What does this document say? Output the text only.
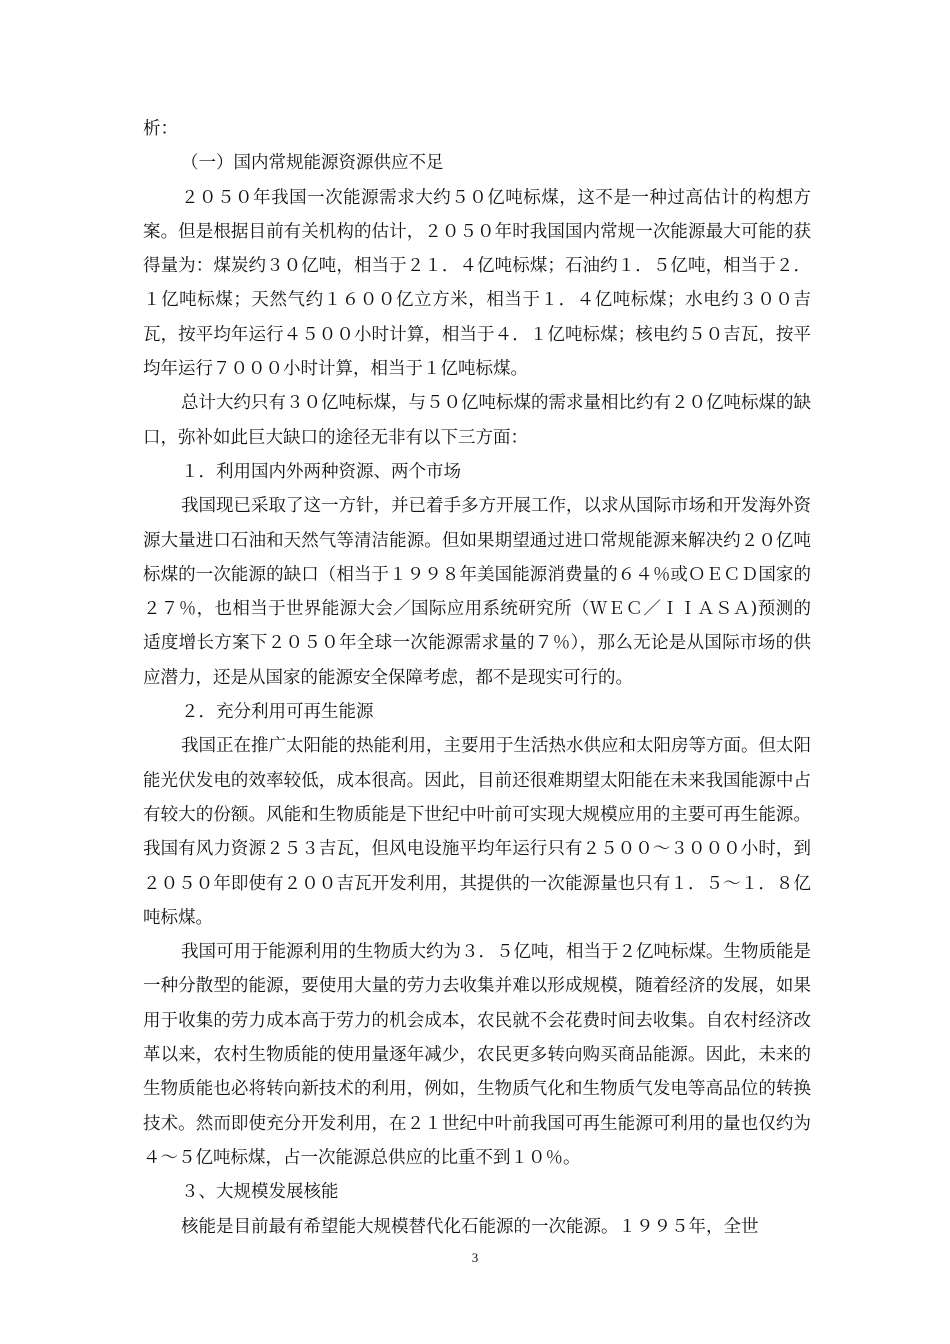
析：

（一）国内常规能源资源供应不足

２０５０年我国一次能源需求大约５０亿吨标煤，这不是一种过高估计的构想方案。但是根据目前有关机构的估计，２０５０年时我国国内常规一次能源最大可能的获得量为：煤炭约３０亿吨，相当于２１．４亿吨标煤；石油约１．５亿吨，相当于２．１亿吨标煤；天然气约１６００亿立方米，相当于１．４亿吨标煤；水电约３００吉瓦，按平均年运行４５００小时计算，相当于４．１亿吨标煤；核电约５０吉瓦，按平均年运行７０００小时计算，相当于１亿吨标煤。

总计大约只有３０亿吨标煤，与５０亿吨标煤的需求量相比约有２０亿吨标煤的缺口，弥补如此巨大缺口的途径无非有以下三方面：

１．利用国内外两种资源、两个市场

我国现已采取了这一方针，并已着手多方开展工作，以求从国际市场和开发海外资源大量进口石油和天然气等清洁能源。但如果期望通过进口常规能源来解决约２０亿吨标煤的一次能源的缺口（相当于１９９８年美国能源消费量的６４％或ＯＥＣＤ国家的２７％，也相当于世界能源大会／国际应用系统研究所（ＷＥＣ／ＩＩＡＳＡ)预测的适度增长方案下２０５０年全球一次能源需求量的７％），那么无论是从国际市场的供应潜力，还是从国家的能源安全保障考虑，都不是现实可行的。

２．充分利用可再生能源

我国正在推广太阳能的热能利用，主要用于生活热水供应和太阳房等方面。但太阳能光伏发电的效率较低，成本很高。因此，目前还很难期望太阳能在未来我国能源中占有较大的份额。风能和生物质能是下世纪中叶前可实现大规模应用的主要可再生能源。我国有风力资源２５３吉瓦，但风电设施平均年运行只有２５００～３０００小时，到２０５０年即使有２００吉瓦开发利用，其提供的一次能源量也只有１．５～１．８亿吨标煤。

我国可用于能源利用的生物质大约为３．５亿吨，相当于２亿吨标煤。生物质能是一种分散型的能源，要使用大量的劳力去收集并难以形成规模，随着经济的发展，如果用于收集的劳力成本高于劳力的机会成本，农民就不会花费时间去收集。自农村经济改革以来，农村生物质能的使用量逐年减少，农民更多转向购买商品能源。因此，未来的生物质能也必将转向新技术的利用，例如，生物质气化和生物质气发电等高品位的转换技术。然而即使充分开发利用，在２１世纪中叶前我国可再生能源可利用的量也仅约为４～５亿吨标煤，占一次能源总供应的比重不到１０％。

３、大规模发展核能

核能是目前最有希望能大规模替代化石能源的一次能源。１９９５年，全世

3
